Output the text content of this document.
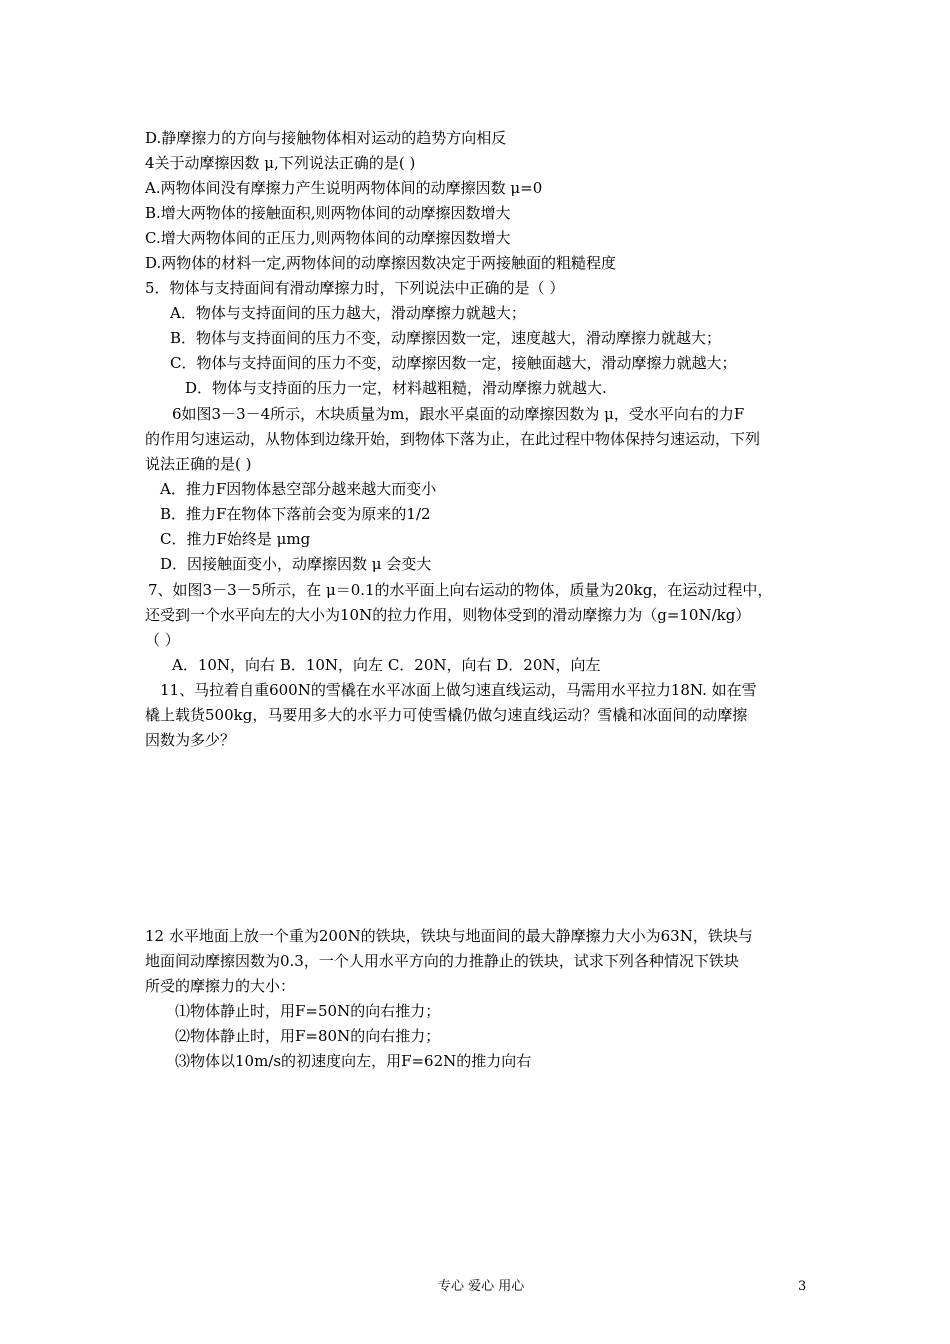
D.静摩擦力的方向与接触物体相对运动的趋势方向相反
4关于动摩擦因数 μ,下列说法正确的是( )
A.两物体间没有摩擦力产生说明两物体间的动摩擦因数 μ=0
B.增大两物体的接触面积,则两物体间的动摩擦因数增大
C.增大两物体间的正压力,则两物体间的动摩擦因数增大
D.两物体的材料一定,两物体间的动摩擦因数决定于两接触面的粗糙程度
5．物体与支持面间有滑动摩擦力时，下列说法中正确的是（ ）
A．物体与支持面间的压力越大，滑动摩擦力就越大；
B．物体与支持面间的压力不变，动摩擦因数一定，速度越大，滑动摩擦力就越大；
C．物体与支持面间的压力不变，动摩擦因数一定，接触面越大，滑动摩擦力就越大；
D．物体与支持面的压力一定，材料越粗糙，滑动摩擦力就越大.
6如图3－3－4所示，木块质量为m，跟水平桌面的动摩擦因数为 μ，受水平向右的力F
的作用匀速运动，从物体到边缘开始，到物体下落为止，在此过程中物体保持匀速运动，下列
说法正确的是( )
A．推力F因物体悬空部分越来越大而变小
B．推力F在物体下落前会变为原来的1/2
C．推力F始终是 μmg
D．因接触面变小，动摩擦因数 μ 会变大
7、如图3－3－5所示，在 μ＝0.1的水平面上向右运动的物体，质量为20kg，在运动过程中，
还受到一个水平向左的大小为10N的拉力作用，则物体受到的滑动摩擦力为（g=10N/kg）
（ ）
A．10N，向右 B．10N，向左 C．20N，向右 D．20N，向左
11、马拉着自重600N的雪橇在水平冰面上做匀速直线运动，马需用水平拉力18N. 如在雪
橇上载货500kg，马要用多大的水平力可使雪橇仍做匀速直线运动？雪橇和冰面间的动摩擦
因数为多少？
12 水平地面上放一个重为200N的铁块，铁块与地面间的最大静摩擦力大小为63N，铁块与
地面间动摩擦因数为0.3，一个人用水平方向的力推静止的铁块，试求下列各种情况下铁块
所受的摩擦力的大小：
⑴物体静止时，用F=50N的向右推力；
⑵物体静止时，用F=80N的向右推力；
⑶物体以10m/s的初速度向左，用F=62N的推力向右
专心 爱心 用心	3
